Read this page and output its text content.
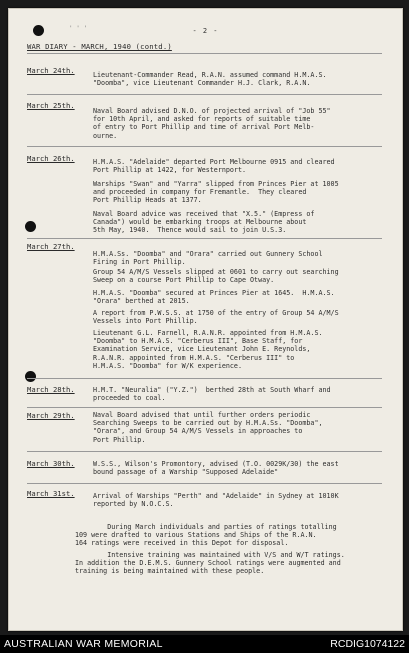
' ' '	- 2 -
WAR DIARY - MARCH, 1940 (contd.)
March 24th.	Lieutenant-Commander Read, R.A.N. assumed command H.M.A.S.
"Doomba", vice Lieutenant Commander H.J. Clark, R.A.N.
March 25th.
Naval Board advised D.N.O. of projected arrival of "Job 55"
for 10th April, and asked for reports of suitable time
of entry to Port Phillip and time of arrival Port Melb-
ourne.
March 26th.	H.M.A.S. "Adelaide" departed Port Melbourne 0915 and cleared
Port Phillip at 1422, for Westernport.
Warships "Swan" and "Yarra" slipped from Princes Pier at 1005
and proceeded in company for Fremantle.  They cleared
Port Phillip Heads at 1377.
Naval Board advice was received that "X.5." (Empress of
Canada") would be embarking troops at Melbourne about
5th May, 1940.  Thence would sail to join U.S.3.
March 27th.
H.M.A.Ss. "Doomba" and "Orara" carried out Gunnery School
Firing in Port Phillip.
Group 54 A/M/S Vessels slipped at 0601 to carry out searching
Sweep on a course Port Phillip to Cape Otway.
H.M.A.S. "Doomba" secured at Princes Pier at 1645.  H.M.A.S.
"Orara" berthed at 2015.
A report from P.W.S.S. at 1750 of the entry of Group 54 A/M/S
Vessels into Port Phillip.
Lieutenant G.L. Farnell, R.A.N.R. appointed from H.M.A.S.
"Doomba" to H.M.A.S. "Cerberus III", Base Staff, for
Examination Service, vice Lieutenant John E. Reynolds,
R.A.N.R. appointed from H.M.A.S. "Cerberus III" to
H.M.A.S. "Doomba" for W/K experience.
March 28th.	H.M.T. "Neuralia" ("Y.Z.")  berthed 28th at South Wharf and
proceeded to coal.
March 29th.	Naval Board advised that until further orders periodic
Searching Sweeps to be carried out by H.M.A.Ss. "Doomba",
"Orara", and Group 54 A/M/S Vessels in approaches to
Port Phillip.
March 30th.	W.S.S., Wilson's Promontory, advised (T.O. 0029K/30) the east
bound passage of a Warship "Supposed Adelaide"
March 31st.	Arrival of Warships "Perth" and "Adelaide" in Sydney at 1010K
reported by N.O.C.S.
During March individuals and parties of ratings totalling
109 were drafted to various Stations and Ships of the R.A.N.
164 ratings were received in this Depot for disposal.
Intensive training was maintained with V/S and W/T ratings.
In addition the D.E.M.S. Gunnery School ratings were augmented and
training is being maintained with these people.
AUSTRALIAN WAR MEMORIAL	RCDIG1074122
